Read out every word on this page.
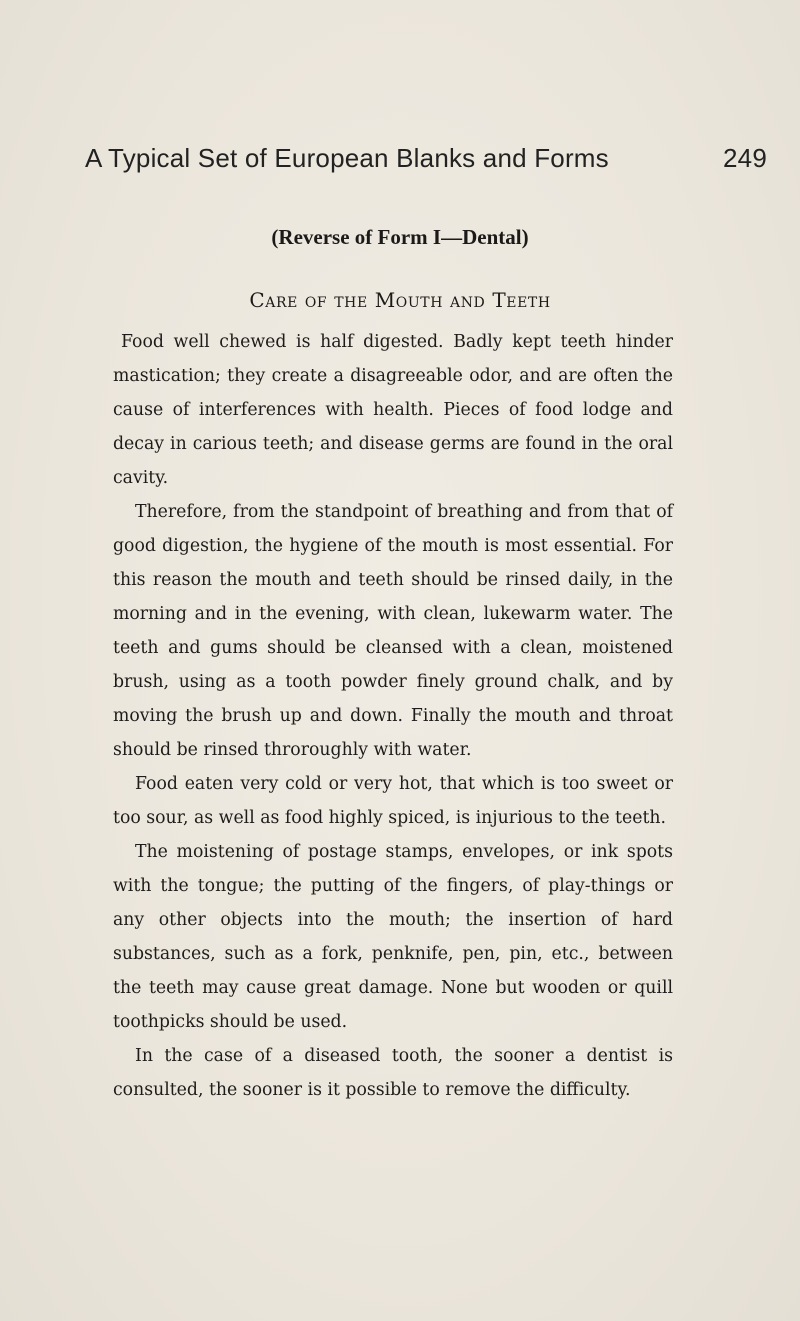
A Typical Set of European Blanks and Forms	249
(Reverse of Form I—Dental)
Care of the Mouth and Teeth

Food well chewed is half digested. Badly kept teeth hinder mastication; they create a disagreeable odor, and are often the cause of interferences with health. Pieces of food lodge and decay in carious teeth; and disease germs are found in the oral cavity.

Therefore, from the standpoint of breathing and from that of good digestion, the hygiene of the mouth is most essential. For this reason the mouth and teeth should be rinsed daily, in the morning and in the evening, with clean, lukewarm water. The teeth and gums should be cleansed with a clean, moistened brush, using as a tooth powder finely ground chalk, and by moving the brush up and down. Finally the mouth and throat should be rinsed throroughly with water.

Food eaten very cold or very hot, that which is too sweet or too sour, as well as food highly spiced, is injurious to the teeth.

The moistening of postage stamps, envelopes, or ink spots with the tongue; the putting of the fingers, of play-things or any other objects into the mouth; the insertion of hard substances, such as a fork, penknife, pen, pin, etc., between the teeth may cause great damage. None but wooden or quill toothpicks should be used.

In the case of a diseased tooth, the sooner a dentist is consulted, the sooner is it possible to remove the difficulty.
